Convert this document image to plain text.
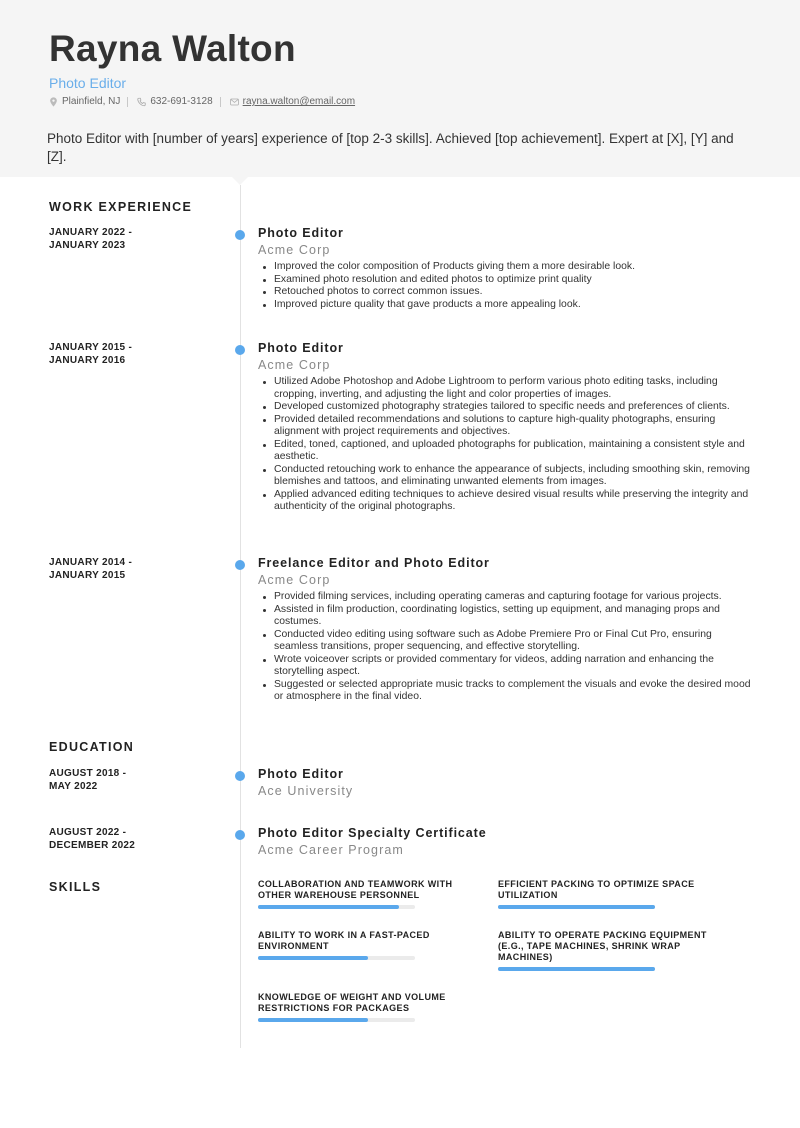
Rayna Walton
Photo Editor
Plainfield, NJ	632-691-3128	rayna.walton@email.com
Photo Editor with [number of years] experience of [top 2-3 skills]. Achieved [top achievement]. Expert at [X], [Y] and [Z].
WORK EXPERIENCE
JANUARY 2022 -
JANUARY 2023
Photo Editor
Acme Corp
Improved the color composition of Products giving them a more desirable look.
Examined photo resolution and edited photos to optimize print quality
Retouched photos to correct common issues.
Improved picture quality that gave products a more appealing look.
JANUARY 2015 -
JANUARY 2016
Photo Editor
Acme Corp
Utilized Adobe Photoshop and Adobe Lightroom to perform various photo editing tasks, including cropping, inverting, and adjusting the light and color properties of images.
Developed customized photography strategies tailored to specific needs and preferences of clients.
Provided detailed recommendations and solutions to capture high-quality photographs, ensuring alignment with project requirements and objectives.
Edited, toned, captioned, and uploaded photographs for publication, maintaining a consistent style and aesthetic.
Conducted retouching work to enhance the appearance of subjects, including smoothing skin, removing blemishes and tattoos, and eliminating unwanted elements from images.
Applied advanced editing techniques to achieve desired visual results while preserving the integrity and authenticity of the original photographs.
JANUARY 2014 -
JANUARY 2015
Freelance Editor and Photo Editor
Acme Corp
Provided filming services, including operating cameras and capturing footage for various projects.
Assisted in film production, coordinating logistics, setting up equipment, and managing props and costumes.
Conducted video editing using software such as Adobe Premiere Pro or Final Cut Pro, ensuring seamless transitions, proper sequencing, and effective storytelling.
Wrote voiceover scripts or provided commentary for videos, adding narration and enhancing the storytelling aspect.
Suggested or selected appropriate music tracks to complement the visuals and evoke the desired mood or atmosphere in the final video.
EDUCATION
AUGUST 2018 -
MAY 2022
Photo Editor
Ace University
AUGUST 2022 -
DECEMBER 2022
Photo Editor Specialty Certificate
Acme Career Program
SKILLS	COLLABORATION AND TEAMWORK WITH OTHER WAREHOUSE PERSONNEL
EFFICIENT PACKING TO OPTIMIZE SPACE UTILIZATION
ABILITY TO WORK IN A FAST-PACED ENVIRONMENT
ABILITY TO OPERATE PACKING EQUIPMENT (E.G., TAPE MACHINES, SHRINK WRAP MACHINES)
KNOWLEDGE OF WEIGHT AND VOLUME RESTRICTIONS FOR PACKAGES
